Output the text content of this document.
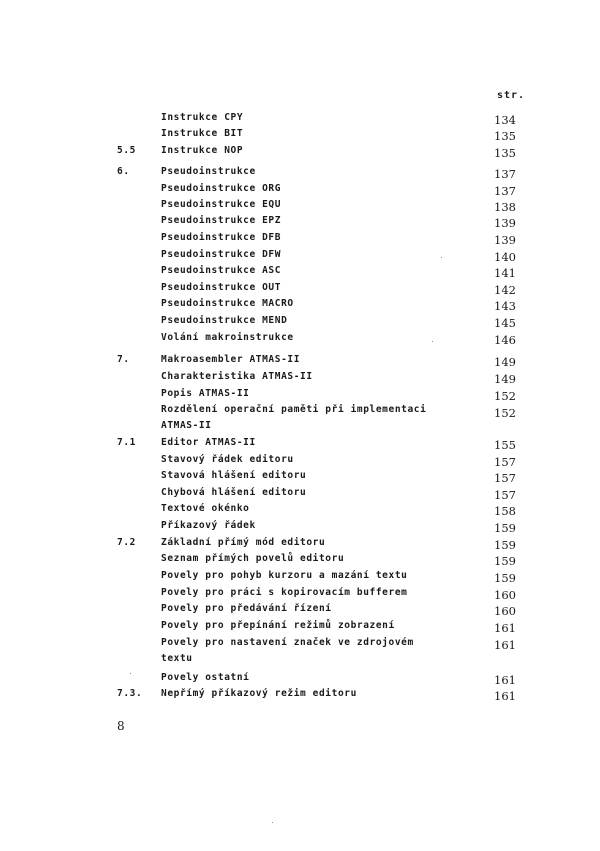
str.
Instrukce CPY	134
Instrukce BIT	135
5.5	Instrukce NOP	135
6.	Pseudoinstrukce	137
Pseudoinstrukce ORG	137
Pseudoinstrukce EQU	138
Pseudoinstrukce EPZ	139
Pseudoinstrukce DFB	139
Pseudoinstrukce DFW	140
Pseudoinstrukce ASC	141
Pseudoinstrukce OUT	142
Pseudoinstrukce MACRO	143
Pseudoinstrukce MEND	145
Volání makroinstrukce	146
7.	Makroasembler ATMAS-II	149
Charakteristika ATMAS-II	149
Popis ATMAS-II	152
Rozdělení operační paměti při implementaci	152
ATMAS-II
7.1	Editor ATMAS-II	155
Stavový řádek editoru	157
Stavová hlášení editoru	157
Chybová hlášení editoru	157
Textové okénko	158
Příkazový řádek	159
7.2	Základní přímý mód editoru	159
Seznam přímých povelů editoru	159
Povely pro pohyb kurzoru a mazání textu	159
Povely pro práci s kopirovacím bufferem	160
Povely pro předávání řízení	160
Povely pro přepínání režimů zobrazení	161
Povely pro nastavení značek ve zdrojovém	161
textu
Povely ostatní	161
7.3. Nepřímý příkazový režim editoru	161
8
